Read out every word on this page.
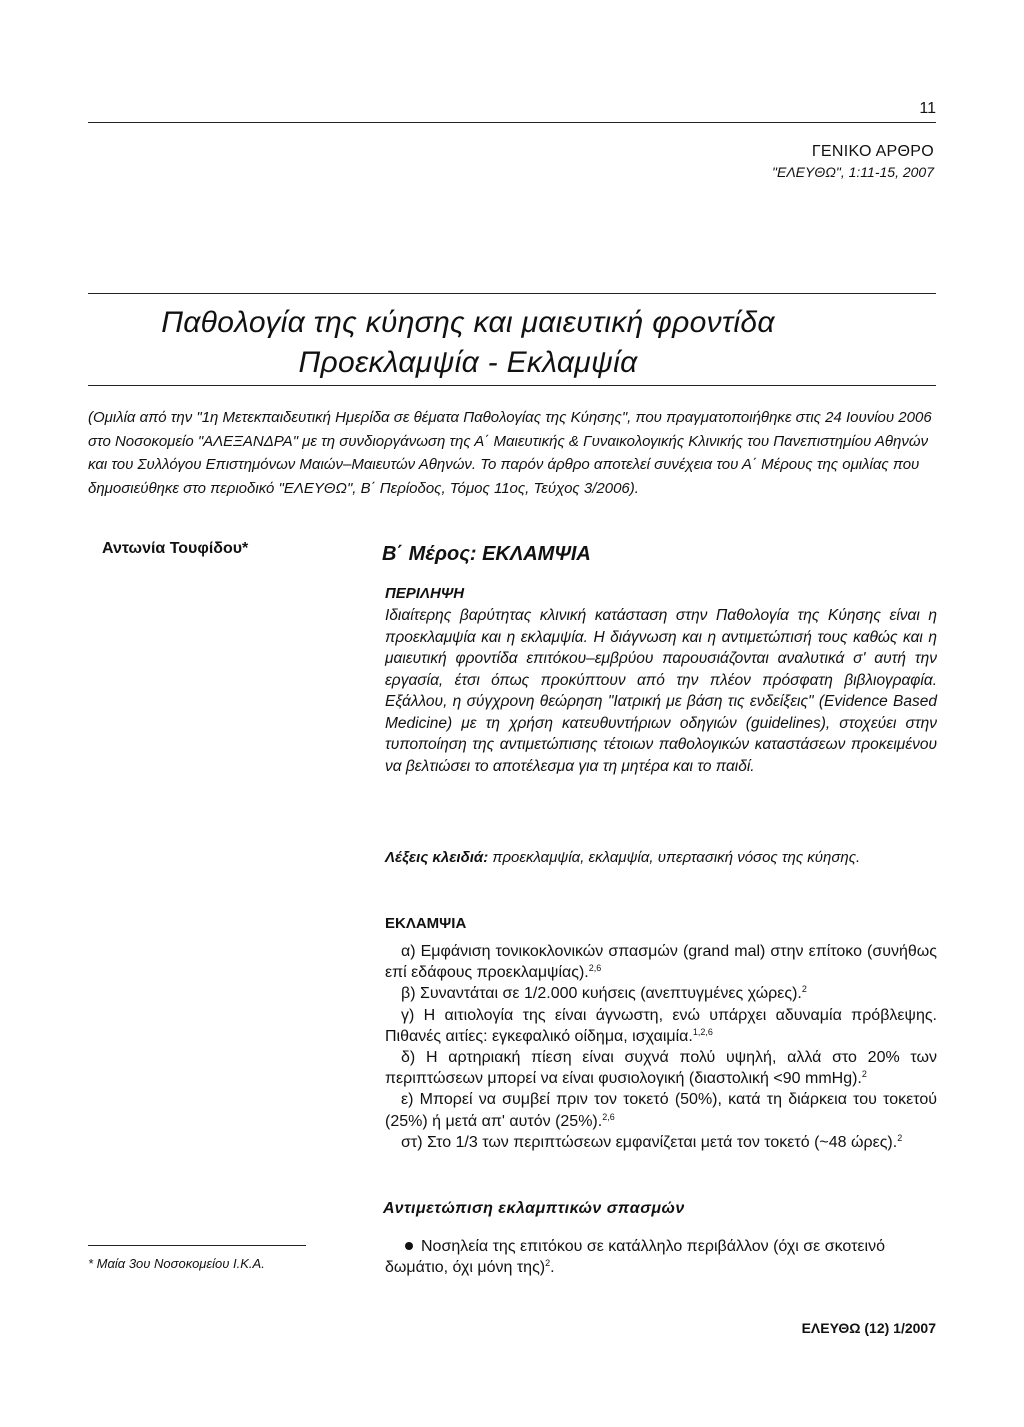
11
ΓΕΝΙΚΟ ΑΡΘΡΟ
"ΕΛΕΥΘΩ", 1:11-15, 2007
Παθολογία της κύησης και μαιευτική φροντίδα
Προεκλαμψία - Εκλαμψία
(Ομιλία από την "1η Μετεκπαιδευτική Ημερίδα σε θέματα Παθολογίας της Κύησης", που πραγματοποιήθηκε στις 24 Ιουνίου 2006 στο Νοσοκομείο "ΑΛΕΞΑΝΔΡΑ" με τη συνδιοργάνωση της Α΄ Μαιευτικής & Γυναικολογικής Κλινικής του Πανεπιστημίου Αθηνών και του Συλλόγου Επιστημόνων Μαιών–Μαιευτών Αθηνών. Το παρόν άρθρο αποτελεί συνέχεια του Α΄ Μέρους της ομιλίας που δημοσιεύθηκε στο περιοδικό "ΕΛΕΥΘΩ", Β΄ Περίοδος, Τόμος 11ος, Τεύχος 3/2006).
Αντωνία Τουφίδου*	Β΄ Μέρος: ΕΚΛΑΜΨΙΑ
ΠΕΡΙΛΗΨΗ
Ιδιαίτερης βαρύτητας κλινική κατάσταση στην Παθολογία της Κύησης είναι η προεκλαμψία και η εκλαμψία. Η διάγνωση και η αντιμετώπισή τους καθώς και η μαιευτική φροντίδα επιτόκου–εμβρύου παρουσιάζονται αναλυτικά σ' αυτή την εργασία, έτσι όπως προκύπτουν από την πλέον πρόσφατη βιβλιογραφία. Εξάλλου, η σύγχρονη θεώρηση "Ιατρική με βάση τις ενδείξεις" (Evidence Based Medicine) με τη χρήση κατευθυντήριων οδηγιών (guidelines), στοχεύει στην τυποποίηση της αντιμετώπισης τέτοιων παθολογικών καταστάσεων προκειμένου να βελτιώσει το αποτέλεσμα για τη μητέρα και το παιδί.
Λέξεις κλειδιά: προεκλαμψία, εκλαμψία, υπερτασική νόσος της κύησης.
ΕΚΛΑΜΨΙΑ

α) Εμφάνιση τονικοκλονικών σπασμών (grand mal) στην επίτοκο (συνήθως επί εδάφους προεκλαμψίας).$^{2,6}$

β) Συναντάται σε 1/2.000 κυήσεις (ανεπτυγμένες χώρες).$^2$

γ) Η αιτιολογία της είναι άγνωστη, ενώ υπάρχει αδυναμία πρόβλεψης. Πιθανές αιτίες: εγκεφαλικό οίδημα, ισχαιμία.$^{1,2,6}$

δ) Η αρτηριακή πίεση είναι συχνά πολύ υψηλή, αλλά στο 20% των περιπτώσεων μπορεί να είναι φυσιολογική (διαστολική <90 mmHg).$^2$

ε) Μπορεί να συμβεί πριν τον τοκετό (50%), κατά τη διάρκεια του τοκετού (25%) ή μετά απ' αυτόν (25%).$^{2,6}$

στ) Στο 1/3 των περιπτώσεων εμφανίζεται μετά τον τοκετό (~48 ώρες).$^2$

Αντιμετώπιση εκλαμπτικών σπασμών
Νοσηλεία της επιτόκου σε κατάλληλο περιβάλλον (όχι σε σκοτεινό δωμάτιο, όχι μόνη της)$^2$.
* Μαία 3ου Νοσοκομείου Ι.Κ.Α.
ΕΛΕΥΘΩ (12) 1/2007
